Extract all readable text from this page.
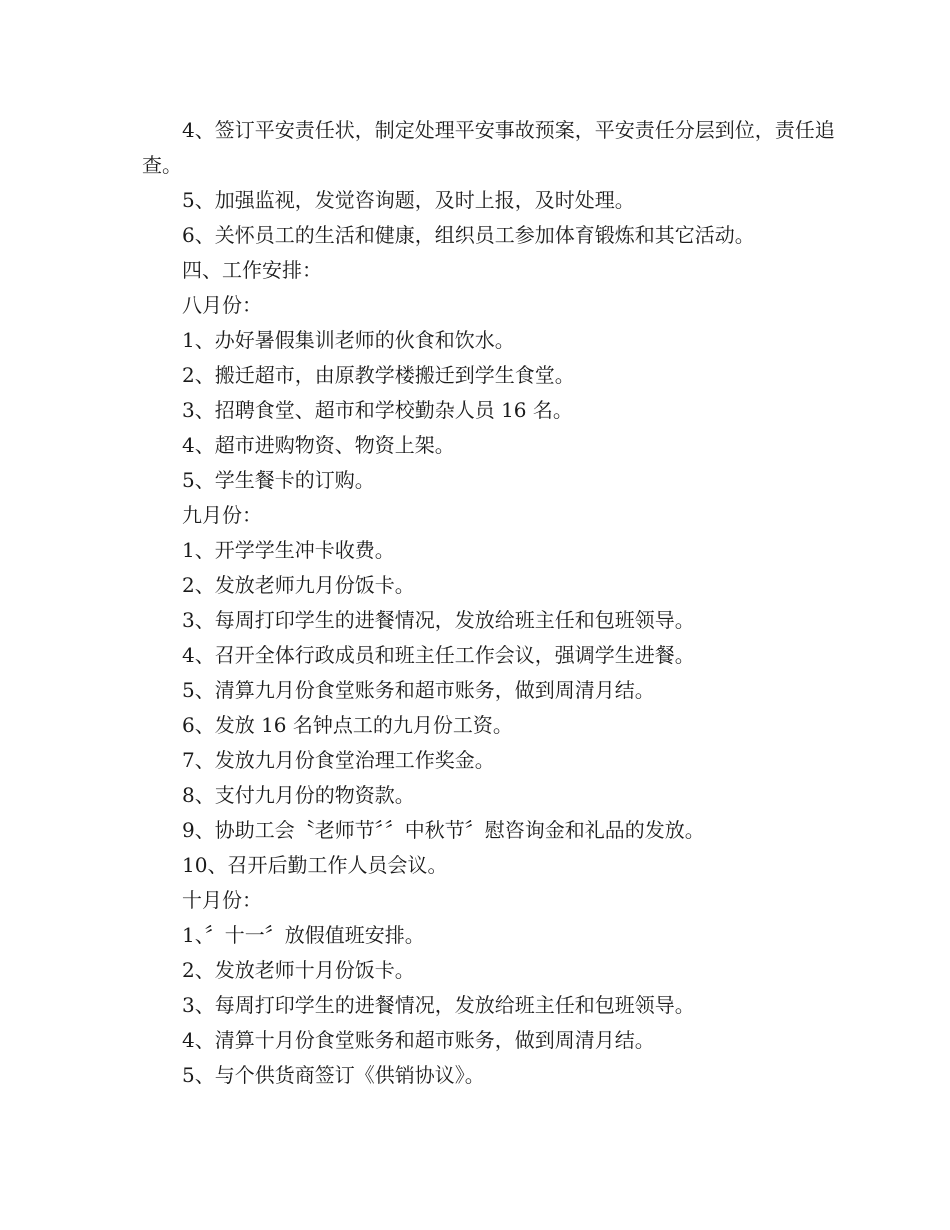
4、签订平安责任状，制定处理平安事故预案，平安责任分层到位，责任追查。

5、加强监视，发觉咨询题，及时上报，及时处理。

6、关怀员工的生活和健康，组织员工参加体育锻炼和其它活动。

四、工作安排：

八月份：

1、办好暑假集训老师的伙食和饮水。

2、搬迁超市，由原教学楼搬迁到学生食堂。

3、招聘食堂、超市和学校勤杂人员 16 名。

4、超市进购物资、物资上架。

5、学生餐卡的订购。

九月份：

1、开学学生冲卡收费。

2、发放老师九月份饭卡。

3、每周打印学生的进餐情况，发放给班主任和包班领导。

4、召开全体行政成员和班主任工作会议，强调学生进餐。

5、清算九月份食堂账务和超市账务，做到周清月结。

6、发放 16 名钟点工的九月份工资。

7、发放九月份食堂治理工作奖金。

8、支付九月份的物资款。

9、协助工会〝老师节〞〞中秋节〞慰咨询金和礼品的发放。

10、召开后勤工作人员会议。

十月份：

1、〞十一〞放假值班安排。

2、发放老师十月份饭卡。

3、每周打印学生的进餐情况，发放给班主任和包班领导。

4、清算十月份食堂账务和超市账务，做到周清月结。

5、与个供货商签订《供销协议》。
